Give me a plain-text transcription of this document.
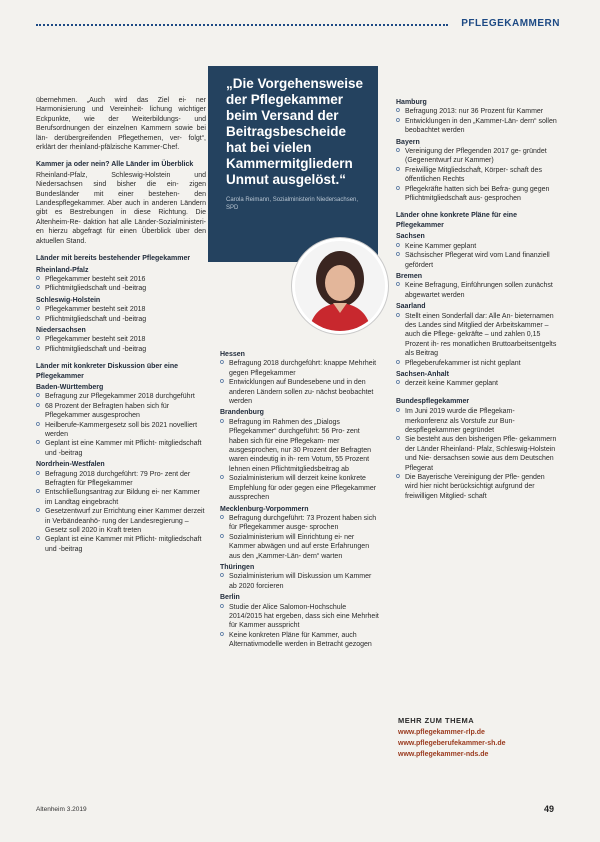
PFLEGEKAMMERN

übernehmen. „Auch wird das Ziel ei- ner Harmonisierung und Vereinheit- lichung wichtiger Eckpunkte, wie der Weiterbildungs- und Berufsordnungen der einzelnen Kammern sowie bei län- derübergreifenden Pflegethemen, ver- folgt“, erklärt der rheinland-pfälzische Kammer-Chef.

Kammer ja oder nein? Alle Länder im Überblick

Rheinland-Pfalz, Schleswig-Holstein und Niedersachsen sind bisher die ein- zigen Bundesländer mit einer bestehen- den Landespflegekammer. Aber auch in anderen Ländern gibt es Bestrebungen in diese Richtung. Die Altenheim-Re- daktion hat alle Länder-Sozialministeri- en hierzu abgefragt für einen Überblick über den aktuellen Stand.

Länder mit bereits bestehender Pflegekammer
Rheinland-Pfalz
o Pflegekammer besteht seit 2016
o Pflichtmitgliedschaft und -beitrag
Schleswig-Holstein
o Pflegekammer besteht seit 2018
o Pflichtmitgliedschaft und -beitrag
Niedersachsen
o Pflegekammer besteht seit 2018
o Pflichtmitgliedschaft und -beitrag
Länder mit konkreter Diskussion über eine Pflegekammer
Baden-Württemberg
o Befragung zur Pflegekammer 2018 durchgeführt
o 68 Prozent der Befragten haben sich für Pflegekammer ausgesprochen
o Heilberufe-Kammergesetz soll bis 2021 novelliert werden
o Geplant ist eine Kammer mit Pflicht- mitgliedschaft und -beitrag
Nordrhein-Westfalen
o Befragung 2018 durchgeführt: 79 Pro- zent der Befragten für Pflegekammer
o Entschließungsantrag zur Bildung ei- ner Kammer im Landtag eingebracht
o Gesetzentwurf zur Errichtung einer Kammer derzeit in Verbändeanhö- rung der Landesregierung – Gesetz soll 2020 in Kraft treten
o Geplant ist eine Kammer mit Pflicht- mitgliedschaft und -beitrag
„Die Vorgehensweise der Pflegekammer beim Versand der Beitragsbescheide hat bei vielen Kammermitgliedern Unmut ausgelöst.“
Carola Reimann, Sozialministerin Niedersachsen, SPD
Hessen
o Befragung 2018 durchgeführt: knappe Mehrheit gegen Pflegekammer
o Entwicklungen auf Bundesebene und in den anderen Ländern sollen zu- nächst beobachtet werden
Brandenburg
o Befragung im Rahmen des „Dialogs Pflegekammer“ durchgeführt: 56 Pro- zent haben sich für eine Pflegekam- mer ausgesprochen, nur 30 Prozent der Befragten waren eindeutig in ih- rem Votum, 55 Prozent lehnen einen Pflichtmitgliedsbeitrag ab
o Sozialministerium will derzeit keine konkrete Empfehlung für oder gegen eine Pflegekammer aussprechen
Mecklenburg-Vorpommern
o Befragung durchgeführt: 73 Prozent haben sich für Pflegekammer ausge- sprochen
o Sozialministerium will Einrichtung ei- ner Kammer abwägen und auf erste Erfahrungen aus den „Kammer-Län- dern“ warten
Thüringen
o Sozialministerium will Diskussion um Kammer ab 2020 forcieren
Berlin
o Studie der Alice Salomon-Hochschule 2014/2015 hat ergeben, dass sich eine Mehrheit für Kammer ausspricht
o Keine konkreten Pläne für Kammer, auch Alternativmodelle werden in Betracht gezogen
Hamburg
o Befragung 2013: nur 36 Prozent für Kammer
o Entwicklungen in den „Kammer-Län- dern“ sollen beobachtet werden
Bayern
o Vereinigung der Pflegenden 2017 ge- gründet (Gegenentwurf zur Kammer)
o Freiwillige Mitgliedschaft, Körper- schaft des öffentlichen Rechts
o Pflegekräfte hatten sich bei Befra- gung gegen Pflichtmitgliedschaft aus- gesprochen
Länder ohne konkrete Pläne für eine Pflegekammer
Sachsen
o Keine Kammer geplant
o Sächsischer Pflegerat wird vom Land finanziell gefördert
Bremen
o Keine Befragung, Einführungen sollen zunächst abgewartet werden
Saarland
o Stellt einen Sonderfall dar: Alle An- bieternamen des Landes sind Mitglied der Arbeitskammer – auch die Pflege- gekräfte – und zahlen 0,15 Prozent ih- res monatlichen Bruttoarbeitsentgelts als Beitrag
o Pflegeberufekammer ist nicht geplant
Sachsen-Anhalt
o derzeit keine Kammer geplant
Bundespflegekammer
o Im Juni 2019 wurde die Pflegekam- merkonferenz als Vorstufe zur Bun- despflegekammer gegründet
o Sie besteht aus den bisherigen Pfle- gekammern der Länder Rheinland- Pfalz, Schleswig-Holstein und Nie- dersachsen sowie aus dem Deutschen Pflegerat
o Die Bayerische Vereinigung der Pfle- genden wird hier nicht berücksichtigt aufgrund der freiwilligen Mitglied- schaft
MEHR ZUM THEMA
www.pflegekammer-rlp.de
www.pflegeberufekammer-sh.de
www.pflegekammer-nds.de
Altenheim 3.2019	49
